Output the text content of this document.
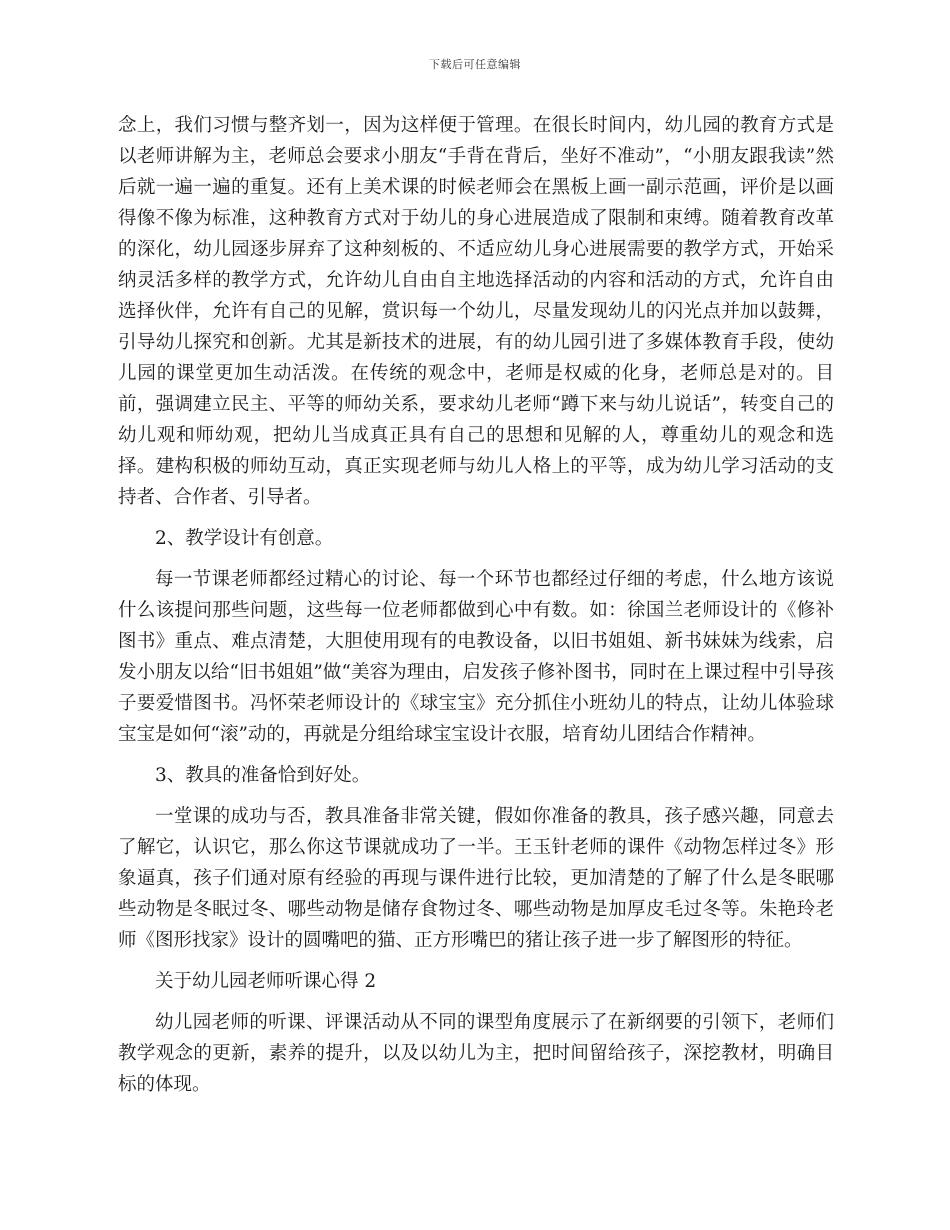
下载后可任意编辑

念上，我们习惯与整齐划一，因为这样便于管理。在很长时间内，幼儿园的教育方式是以老师讲解为主，老师总会要求小朋友“手背在背后，坐好不准动”，“小朋友跟我读”然后就一遍一遍的重复。还有上美术课的时候老师会在黑板上画一副示范画，评价是以画得像不像为标准，这种教育方式对于幼儿的身心进展造成了限制和束缚。随着教育改革的深化，幼儿园逐步屏弃了这种刻板的、不适应幼儿身心进展需要的教学方式，开始采纳灵活多样的教学方式，允许幼儿自由自主地选择活动的内容和活动的方式，允许自由选择伙伴，允许有自己的见解，赏识每一个幼儿，尽量发现幼儿的闪光点并加以鼓舞，引导幼儿探究和创新。尤其是新技术的进展，有的幼儿园引进了多媒体教育手段，使幼儿园的课堂更加生动活泼。在传统的观念中，老师是权威的化身，老师总是对的。目前，强调建立民主、平等的师幼关系，要求幼儿老师“蹲下来与幼儿说话”，转变自己的幼儿观和师幼观，把幼儿当成真正具有自己的思想和见解的人，尊重幼儿的观念和选择。建构积极的师幼互动，真正实现老师与幼儿人格上的平等，成为幼儿学习活动的支持者、合作者、引导者。

2、教学设计有创意。

每一节课老师都经过精心的讨论、每一个环节也都经过仔细的考虑，什么地方该说什么该提问那些问题，这些每一位老师都做到心中有数。如：徐国兰老师设计的《修补图书》重点、难点清楚，大胆使用现有的电教设备，以旧书姐姐、新书妹妹为线索，启发小朋友以给“旧书姐姐”做“美容为理由，启发孩子修补图书，同时在上课过程中引导孩子要爱惜图书。冯怀荣老师设计的《球宝宝》充分抓住小班幼儿的特点，让幼儿体验球宝宝是如何“滚”动的，再就是分组给球宝宝设计衣服，培育幼儿团结合作精神。

3、教具的准备恰到好处。

一堂课的成功与否，教具准备非常关键，假如你准备的教具，孩子感兴趣，同意去了解它，认识它，那么你这节课就成功了一半。王玉针老师的课件《动物怎样过冬》形象逼真，孩子们通对原有经验的再现与课件进行比较，更加清楚的了解了什么是冬眠哪些动物是冬眠过冬、哪些动物是储存食物过冬、哪些动物是加厚皮毛过冬等。朱艳玲老师《图形找家》设计的圆嘴吧的猫、正方形嘴巴的猪让孩子进一步了解图形的特征。

关于幼儿园老师听课心得 2

幼儿园老师的听课、评课活动从不同的课型角度展示了在新纲要的引领下，老师们教学观念的更新，素养的提升，以及以幼儿为主，把时间留给孩子，深挖教材，明确目标的体现。
